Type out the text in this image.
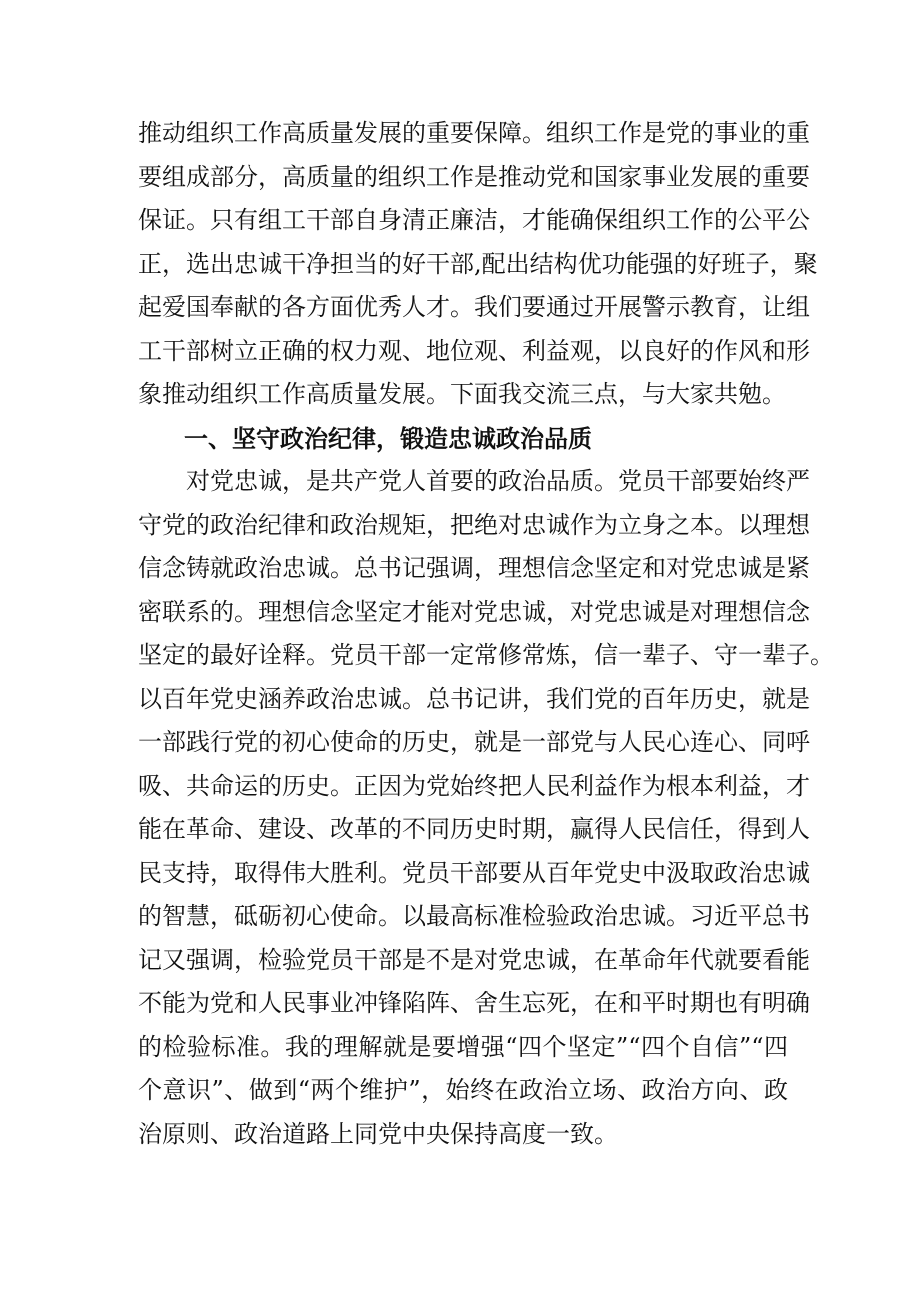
推动组织工作高质量发展的重要保障。组织工作是党的事业的重
要组成部分，高质量的组织工作是推动党和国家事业发展的重要
保证。只有组工干部自身清正廉洁，才能确保组织工作的公平公
正，选出忠诚干净担当的好干部,配出结构优功能强的好班子，聚
起爱国奉献的各方面优秀人才。我们要通过开展警示教育，让组
工干部树立正确的权力观、地位观、利益观，以良好的作风和形
象推动组织工作高质量发展。下面我交流三点，与大家共勉。
一、坚守政治纪律，锻造忠诚政治品质
　　对党忠诚，是共产党人首要的政治品质。党员干部要始终严
守党的政治纪律和政治规矩，把绝对忠诚作为立身之本。以理想
信念铸就政治忠诚。总书记强调，理想信念坚定和对党忠诚是紧
密联系的。理想信念坚定才能对党忠诚，对党忠诚是对理想信念
坚定的最好诠释。党员干部一定常修常炼，信一辈子、守一辈子。
以百年党史涵养政治忠诚。总书记讲，我们党的百年历史，就是
一部践行党的初心使命的历史，就是一部党与人民心连心、同呼
吸、共命运的历史。正因为党始终把人民利益作为根本利益，才
能在革命、建设、改革的不同历史时期，赢得人民信任，得到人
民支持，取得伟大胜利。党员干部要从百年党史中汲取政治忠诚
的智慧，砥砺初心使命。以最高标准检验政治忠诚。习近平总书
记又强调，检验党员干部是不是对党忠诚，在革命年代就要看能
不能为党和人民事业冲锋陷阵、舍生忘死，在和平时期也有明确
的检验标准。我的理解就是要增强“四个坚定”“四个自信”“四
个意识”、做到“两个维护”，始终在政治立场、政治方向、政
治原则、政治道路上同党中央保持高度一致。
